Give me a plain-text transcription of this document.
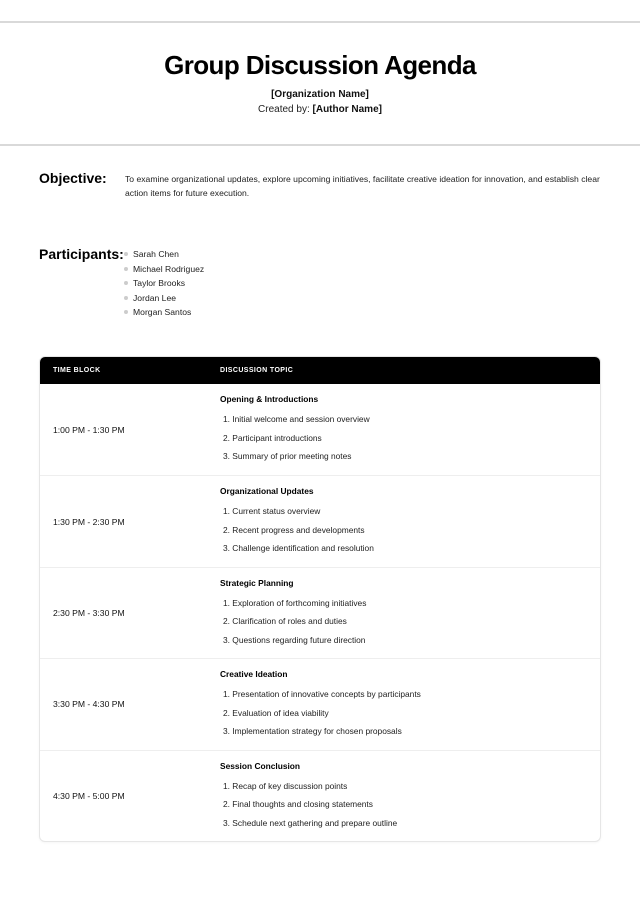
Group Discussion Agenda
[Organization Name]
Created by: [Author Name]
Objective: To examine organizational updates, explore upcoming initiatives, facilitate creative ideation for innovation, and establish clear action items for future execution.
Participants: Sarah Chen
Michael Rodriguez
Taylor Brooks
Jordan Lee
Morgan Santos
TIME BLOCK	DISCUSSION TOPIC
1:00 PM - 1:30 PM
Opening & Introductions
1. Initial welcome and session overview
2. Participant introductions
3. Summary of prior meeting notes
1:30 PM - 2:30 PM
Organizational Updates
1. Current status overview
2. Recent progress and developments
3. Challenge identification and resolution
2:30 PM - 3:30 PM
Strategic Planning
1. Exploration of forthcoming initiatives
2. Clarification of roles and duties
3. Questions regarding future direction
3:30 PM - 4:30 PM
Creative Ideation
1. Presentation of innovative concepts by participants
2. Evaluation of idea viability
3. Implementation strategy for chosen proposals
4:30 PM - 5:00 PM
Session Conclusion
1. Recap of key discussion points
2. Final thoughts and closing statements
3. Schedule next gathering and prepare outline
